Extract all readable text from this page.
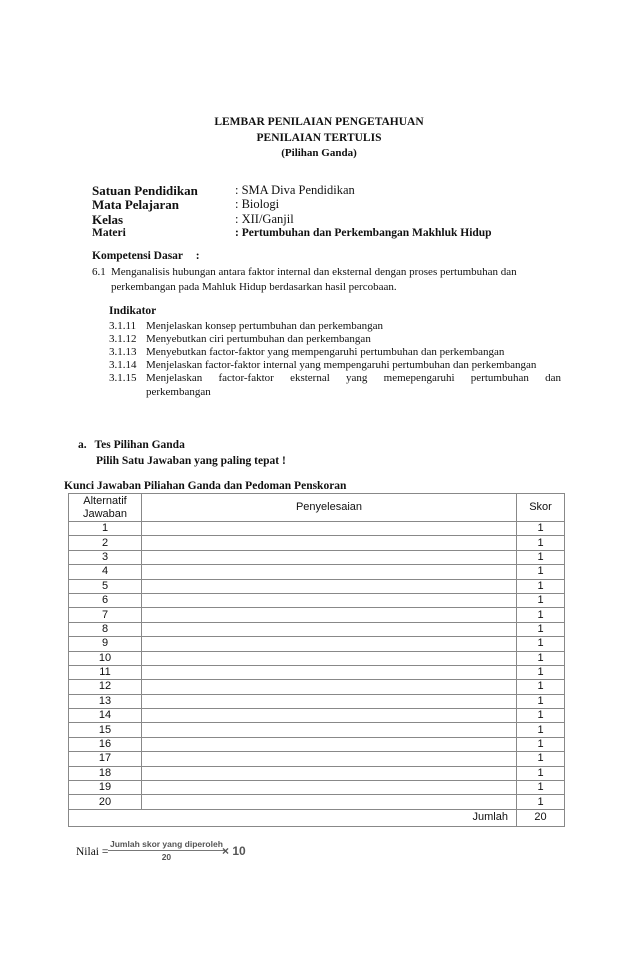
LEMBAR PENILAIAN PENGETAHUAN
PENILAIAN TERTULIS
(Pilihan Ganda)
Satuan Pendidikan	: SMA Diva Pendidikan
Mata Pelajaran	: Biologi
Kelas	: XII/Ganjil
Materi	: Pertumbuhan dan Perkembangan Makhluk Hidup
Kompetensi Dasar :
6.1 Menganalisis hubungan antara faktor internal dan eksternal dengan proses pertumbuhan dan
perkembangan pada Mahluk Hidup berdasarkan hasil percobaan.
Indikator
3.1.11 Menjelaskan konsep pertumbuhan dan perkembangan
3.1.12 Menyebutkan ciri pertumbuhan dan perkembangan
3.1.13 Menyebutkan factor-faktor yang mempengaruhi pertumbuhan dan perkembangan
3.1.14 Menjelaskan factor-faktor internal yang mempengaruhi pertumbuhan dan perkembangan
3.1.15 Menjelaskan factor-faktor eksternal yang memepengaruhi pertumbuhan dan
perkembangan
a. Tes Pilihan Ganda
Pilih Satu Jawaban yang paling tepat !
Kunci Jawaban Piliahan Ganda dan Pedoman Penskoran
Alternatif
Jawaban	Penyelesaian	Skor
1		1
2		1
3		1
4		1
5		1
6		1
7		1
8		1
9		1
10		1
11		1
12		1
13		1
14		1
15		1
16		1
17		1
18		1
19		1
20		1
Jumlah		20
Nilai =
Jumlah skor yang diperoleh
20	× 10
